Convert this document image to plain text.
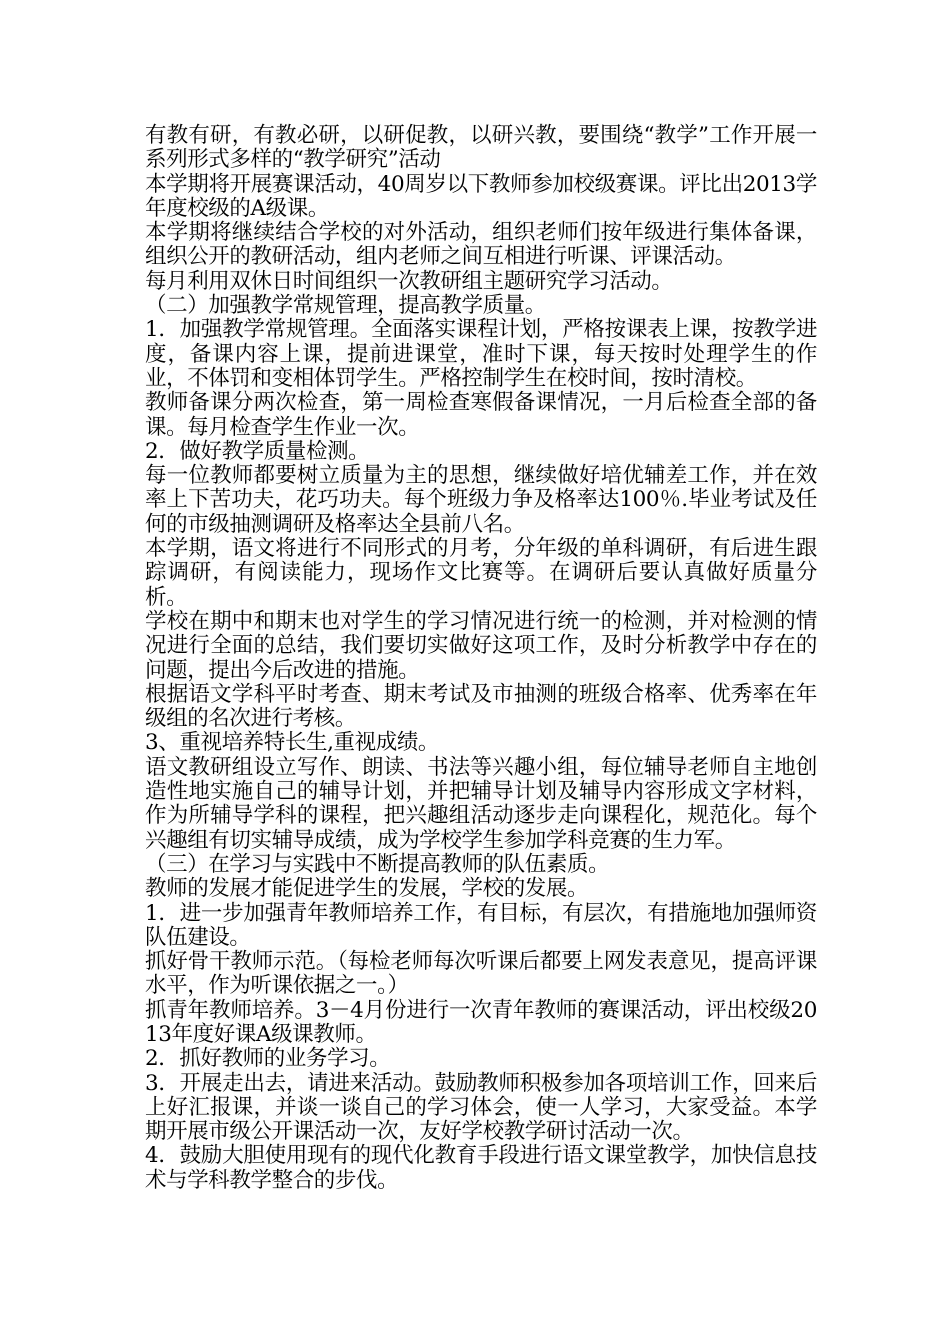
有教有研，有教必研，以研促教，以研兴教，要围绕“教学”工作开展一系列形式多样的“教学研究”活动

本学期将开展赛课活动，40周岁以下教师参加校级赛课。评比出2013学年度校级的A级课。

本学期将继续结合学校的对外活动，组织老师们按年级进行集体备课，组织公开的教研活动，组内老师之间互相进行听课、评课活动。

每月利用双休日时间组织一次教研组主题研究学习活动。

（二）加强教学常规管理，提高教学质量。

1．加强教学常规管理。全面落实课程计划，严格按课表上课，按教学进度，备课内容上课，提前进课堂，准时下课，每天按时处理学生的作业，不体罚和变相体罚学生。严格控制学生在校时间，按时清校。

教师备课分两次检查，第一周检查寒假备课情况，一月后检查全部的备课。每月检查学生作业一次。

2．做好教学质量检测。

每一位教师都要树立质量为主的思想，继续做好培优辅差工作，并在效率上下苦功夫，花巧功夫。每个班级力争及格率达100％.毕业考试及任何的市级抽测调研及格率达全县前八名。

本学期，语文将进行不同形式的月考，分年级的单科调研，有后进生跟踪调研，有阅读能力，现场作文比赛等。在调研后要认真做好质量分析。

学校在期中和期末也对学生的学习情况进行统一的检测，并对检测的情况进行全面的总结，我们要切实做好这项工作，及时分析教学中存在的问题，提出今后改进的措施。

根据语文学科平时考查、期末考试及市抽测的班级合格率、优秀率在年级组的名次进行考核。

3、重视培养特长生,重视成绩。

语文教研组设立写作、朗读、书法等兴趣小组，每位辅导老师自主地创造性地实施自己的辅导计划，并把辅导计划及辅导内容形成文字材料，作为所辅导学科的课程，把兴趣组活动逐步走向课程化，规范化。每个兴趣组有切实辅导成绩，成为学校学生参加学科竞赛的生力军。

（三）在学习与实践中不断提高教师的队伍素质。

教师的发展才能促进学生的发展，学校的发展。

1．进一步加强青年教师培养工作，有目标，有层次，有措施地加强师资队伍建设。

抓好骨干教师示范。（每检老师每次听课后都要上网发表意见，提高评课水平，作为听课依据之一。）

抓青年教师培养。3－4月份进行一次青年教师的赛课活动，评出校级2013年度好课A级课教师。

2．抓好教师的业务学习。

3．开展走出去，请进来活动。鼓励教师积极参加各项培训工作，回来后上好汇报课，并谈一谈自己的学习体会，使一人学习，大家受益。本学期开展市级公开课活动一次，友好学校教学研讨活动一次。

4．鼓励大胆使用现有的现代化教育手段进行语文课堂教学，加快信息技术与学科教学整合的步伐。
